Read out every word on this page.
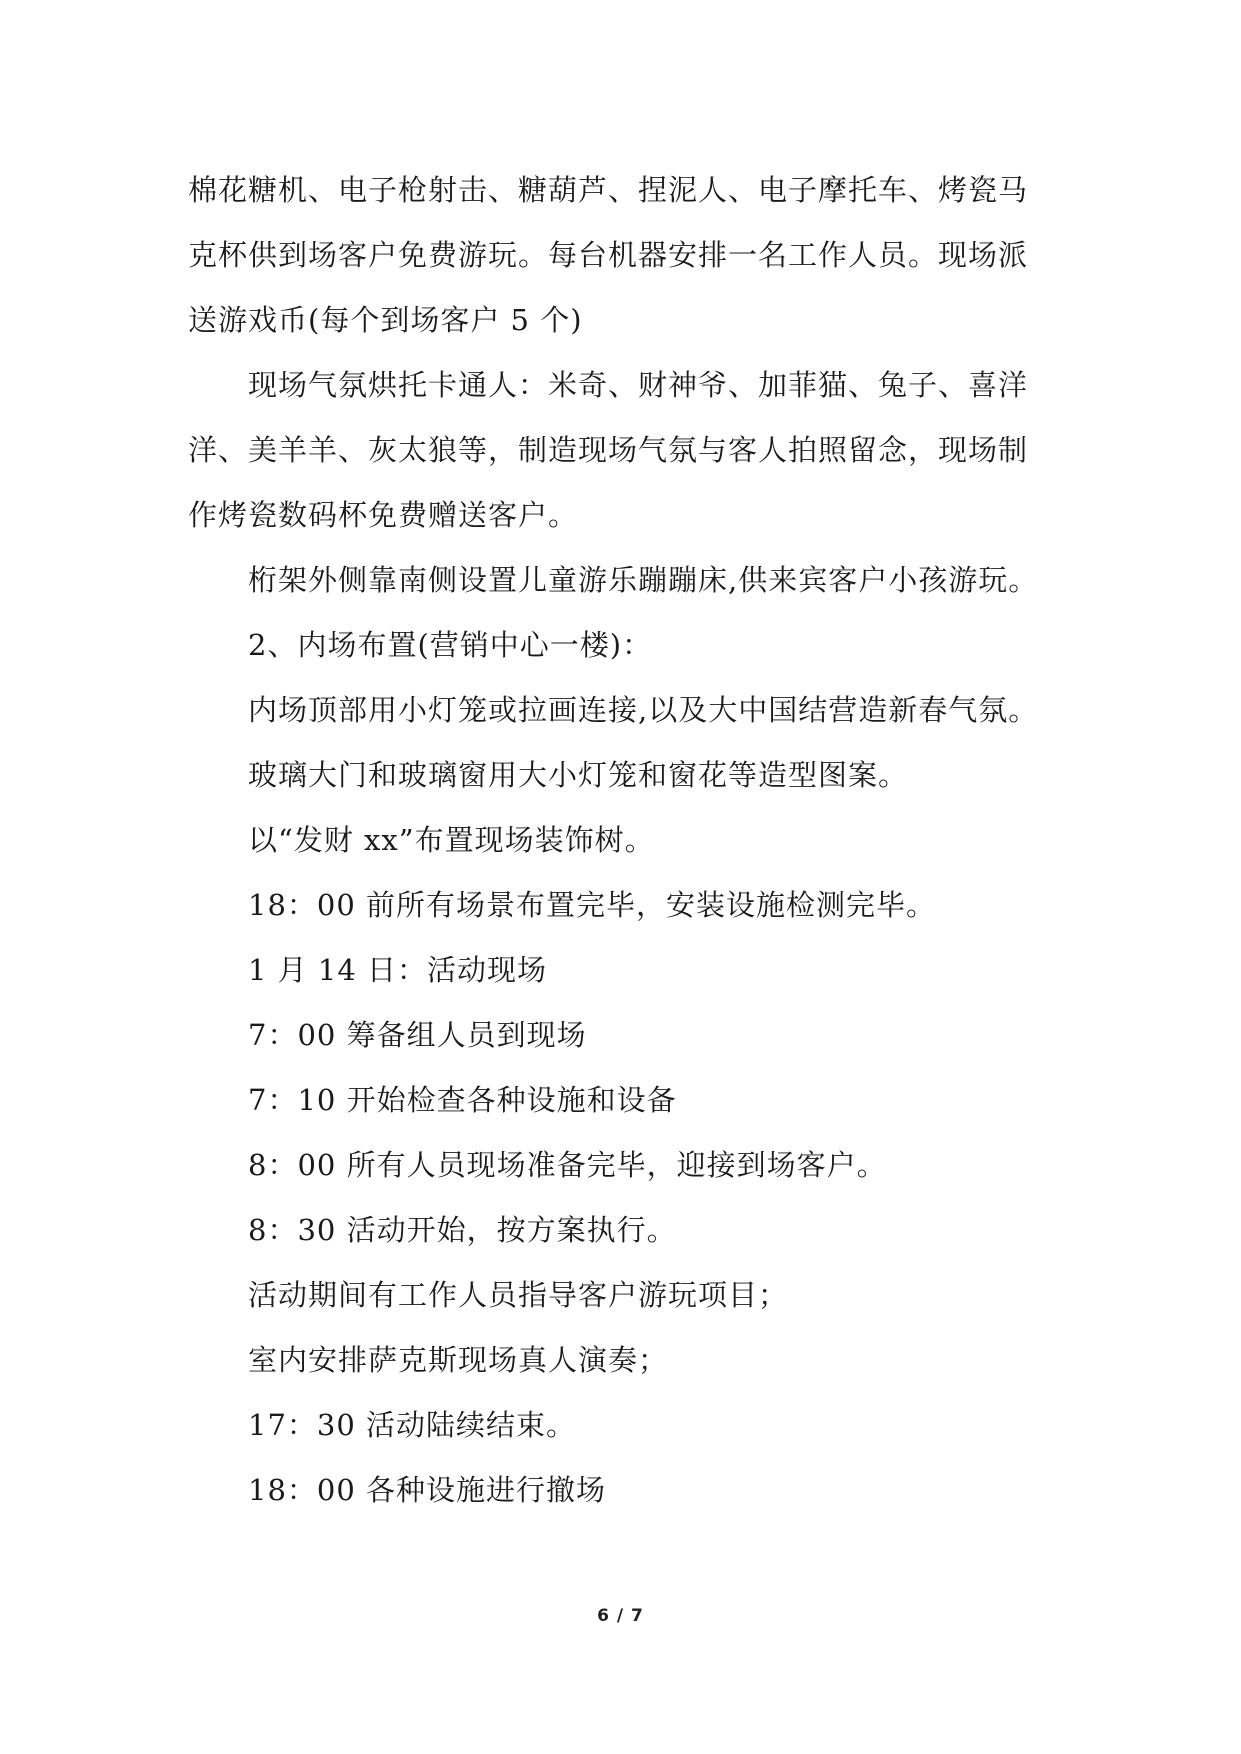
棉花糖机、电子枪射击、糖葫芦、捏泥人、电子摩托车、烤瓷马

克杯供到场客户免费游玩。每台机器安排一名工作人员。现场派

送游戏币(每个到场客户 5 个)

现场气氛烘托卡通人：米奇、财神爷、加菲猫、兔子、喜洋

洋、美羊羊、灰太狼等，制造现场气氛与客人拍照留念，现场制

作烤瓷数码杯免费赠送客户。

桁架外侧靠南侧设置儿童游乐蹦蹦床,供来宾客户小孩游玩。

2、内场布置(营销中心一楼)：

内场顶部用小灯笼或拉画连接,以及大中国结营造新春气氛。

玻璃大门和玻璃窗用大小灯笼和窗花等造型图案。

以“发财 xx”布置现场装饰树。

18：00 前所有场景布置完毕，安装设施检测完毕。

1 月 14 日：活动现场

7：00 筹备组人员到现场

7：10 开始检查各种设施和设备

8：00 所有人员现场准备完毕，迎接到场客户。

8：30 活动开始，按方案执行。

活动期间有工作人员指导客户游玩项目；

室内安排萨克斯现场真人演奏；

17：30 活动陆续结束。

18：00 各种设施进行撤场

6 / 7
